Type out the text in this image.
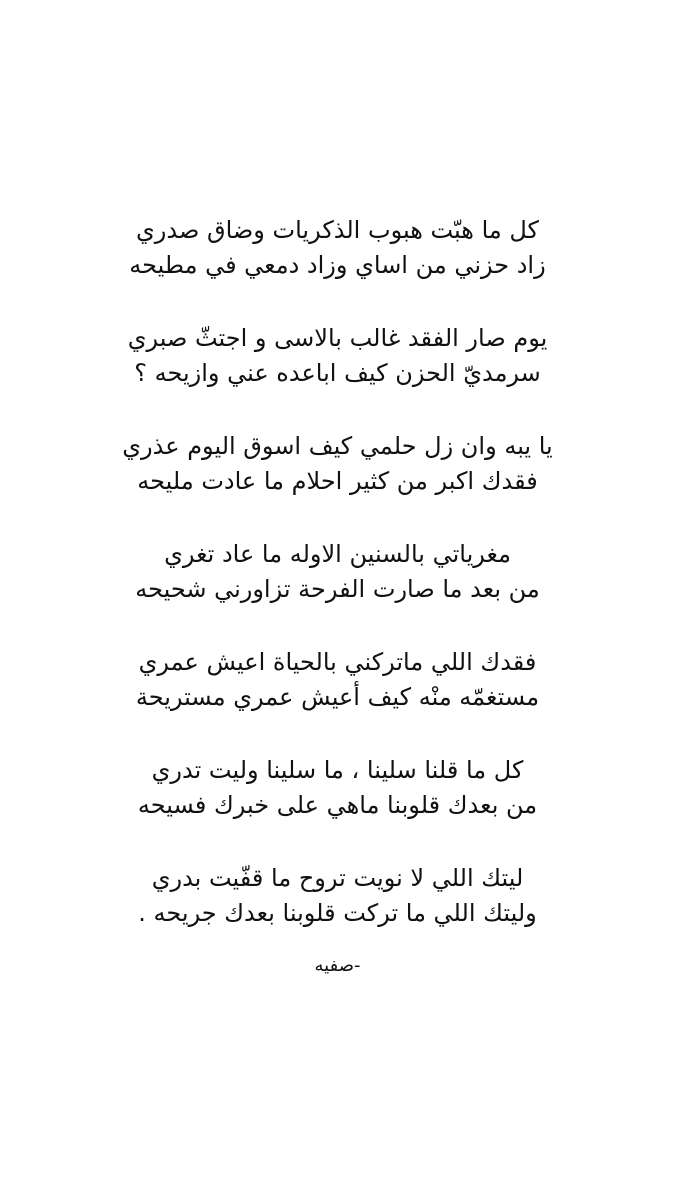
كل ما هبّت هبوب الذكريات وضاق صدري
زاد حزني من اساي وزاد دمعي في مطيحه
يوم صار الفقد غالب بالاسى و اجتثّ صبري
سرمديّ الحزن كيف اباعده عني وازيحه ؟
يا يبه وان زل حلمي كيف اسوق اليوم عذري
فقدك اكبر من كثير احلام ما عادت مليحه
مغرياتي بالسنين الاوله ما عاد تغري
من بعد ما صارت الفرحة تزاورني شحيحه
فقدك اللي ماتركني بالحياة اعيش عمري
مستغمّه منْه كيف أعيش عمري مستريحة
كل ما قلنا سلينا ، ما سلينا وليت تدري
من بعدك قلوبنا ماهي على خبرك فسيحه
ليتك اللي لا نويت تروح ما قفّيت بدري
وليتك اللي ما تركت قلوبنا بعدك جريحه .
-صفيه
